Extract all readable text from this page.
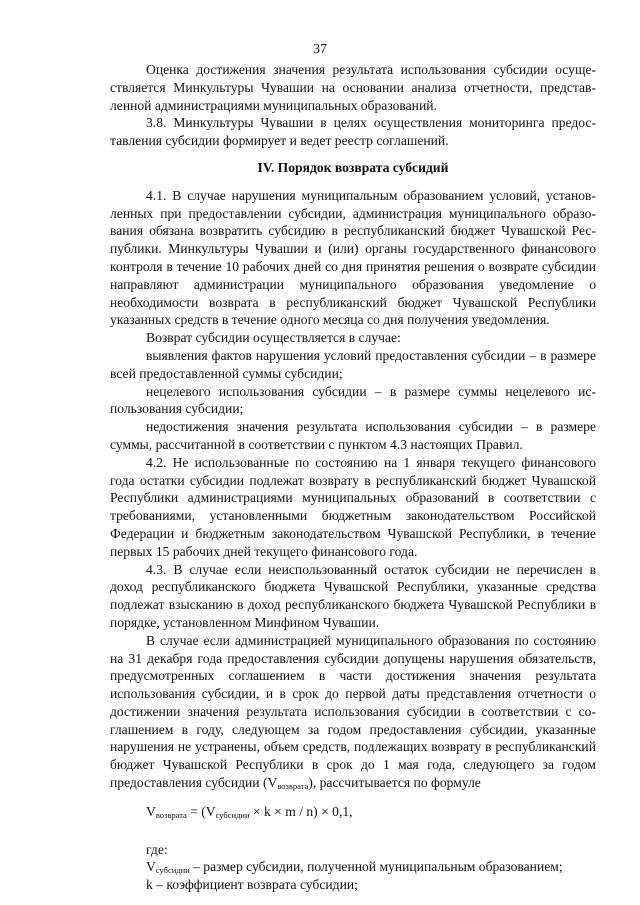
37

Оценка достижения значения результата использования субсидии осуществляется Минкультуры Чувашии на основании анализа отчетности, представленной администрациями муниципальных образований.

3.8. Минкультуры Чувашии в целях осуществления мониторинга предоставления субсидии формирует и ведет реестр соглашений.

IV. Порядок возврата субсидий

4.1. В случае нарушения муниципальным образованием условий, установленных при предоставлении субсидии, администрация муниципального образования обязана возвратить субсидию в республиканский бюджет Чувашской Республики. Минкультуры Чувашии и (или) органы государственного финансового контроля в течение 10 рабочих дней со дня принятия решения о возврате субсидии направляют администрации муниципального образования уведомление о необходимости возврата в республиканский бюджет Чувашской Республики указанных средств в течение одного месяца со дня получения уведомления.

Возврат субсидии осуществляется в случае:

выявления фактов нарушения условий предоставления субсидии – в размере всей предоставленной суммы субсидии;

нецелевого использования субсидии – в размере суммы нецелевого использования субсидии;

недостижения значения результата использования субсидии – в размере суммы, рассчитанной в соответствии с пунктом 4.3 настоящих Правил.

4.2. Не использованные по состоянию на 1 января текущего финансового года остатки субсидии подлежат возврату в республиканский бюджет Чувашской Республики администрациями муниципальных образований в соответствии с требованиями, установленными бюджетным законодательством Российской Федерации и бюджетным законодательством Чувашской Республики, в течение первых 15 рабочих дней текущего финансового года.

4.3. В случае если неиспользованный остаток субсидии не перечислен в доход республиканского бюджета Чувашской Республики, указанные средства подлежат взысканию в доход республиканского бюджета Чувашской Республики в порядке, установленном Минфином Чувашии.

В случае если администрацией муниципального образования по состоянию на 31 декабря года предоставления субсидии допущены нарушения обязательств, предусмотренных соглашением в части достижения значения результата использования субсидии, и в срок до первой даты представления отчетности о достижении значения результата использования субсидии в соответствии с соглашением в году, следующем за годом предоставления субсидии, указанные нарушения не устранены, объем средств, подлежащих возврату в республиканский бюджет Чувашской Республики в срок до 1 мая года, следующего за годом предоставления субсидии $(V_{возврата})$, рассчитывается по формуле

$V_{возврата} = (V_{субсидии} \times k \times m / n) \times 0,1$,

где:

$V_{субсидии}$ – размер субсидии, полученной муниципальным образованием;

k – коэффициент возврата субсидии;
